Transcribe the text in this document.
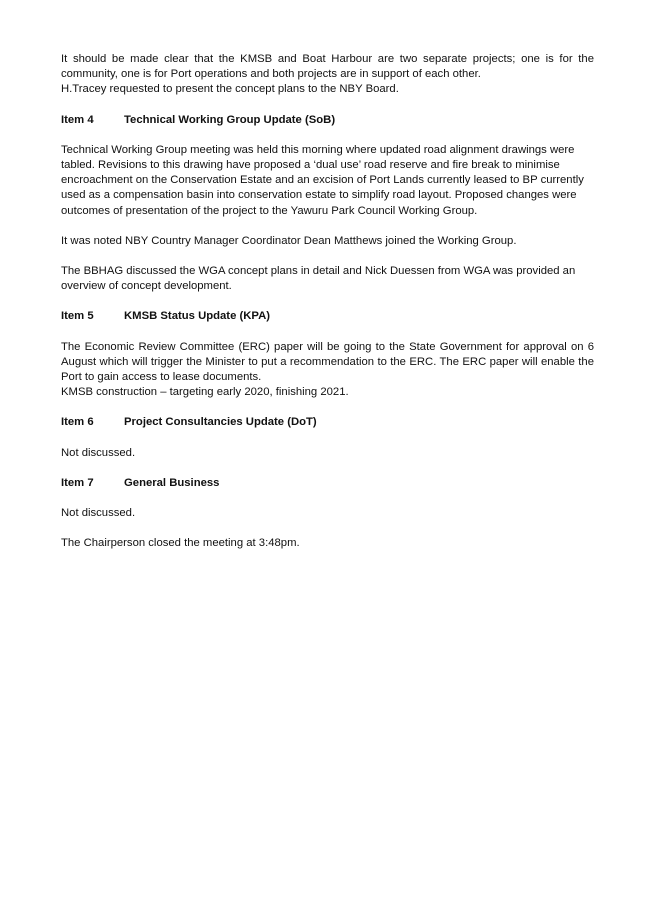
It should be made clear that the KMSB and Boat Harbour are two separate projects; one is for the community, one is for Port operations and both projects are in support of each other.

H.Tracey requested to present the concept plans to the NBY Board.

Item 4	Technical Working Group Update (SoB)

Technical Working Group meeting was held this morning where updated road alignment drawings were tabled. Revisions to this drawing have proposed a ‘dual use’ road reserve and fire break to minimise encroachment on the Conservation Estate and an excision of Port Lands currently leased to BP currently used as a compensation basin into conservation estate to simplify road layout. Proposed changes were outcomes of presentation of the project to the Yawuru Park Council Working Group.

It was noted NBY Country Manager Coordinator Dean Matthews joined the Working Group.

The BBHAG discussed the WGA concept plans in detail and Nick Duessen from WGA was provided an overview of concept development.

Item 5	KMSB Status Update (KPA)

The Economic Review Committee (ERC) paper will be going to the State Government for approval on 6 August which will trigger the Minister to put a recommendation to the ERC. The ERC paper will enable the Port to gain access to lease documents.

KMSB construction – targeting early 2020, finishing 2021.

Item 6	Project Consultancies Update (DoT)

Not discussed.

Item 7	General Business

Not discussed.

The Chairperson closed the meeting at 3:48pm.
